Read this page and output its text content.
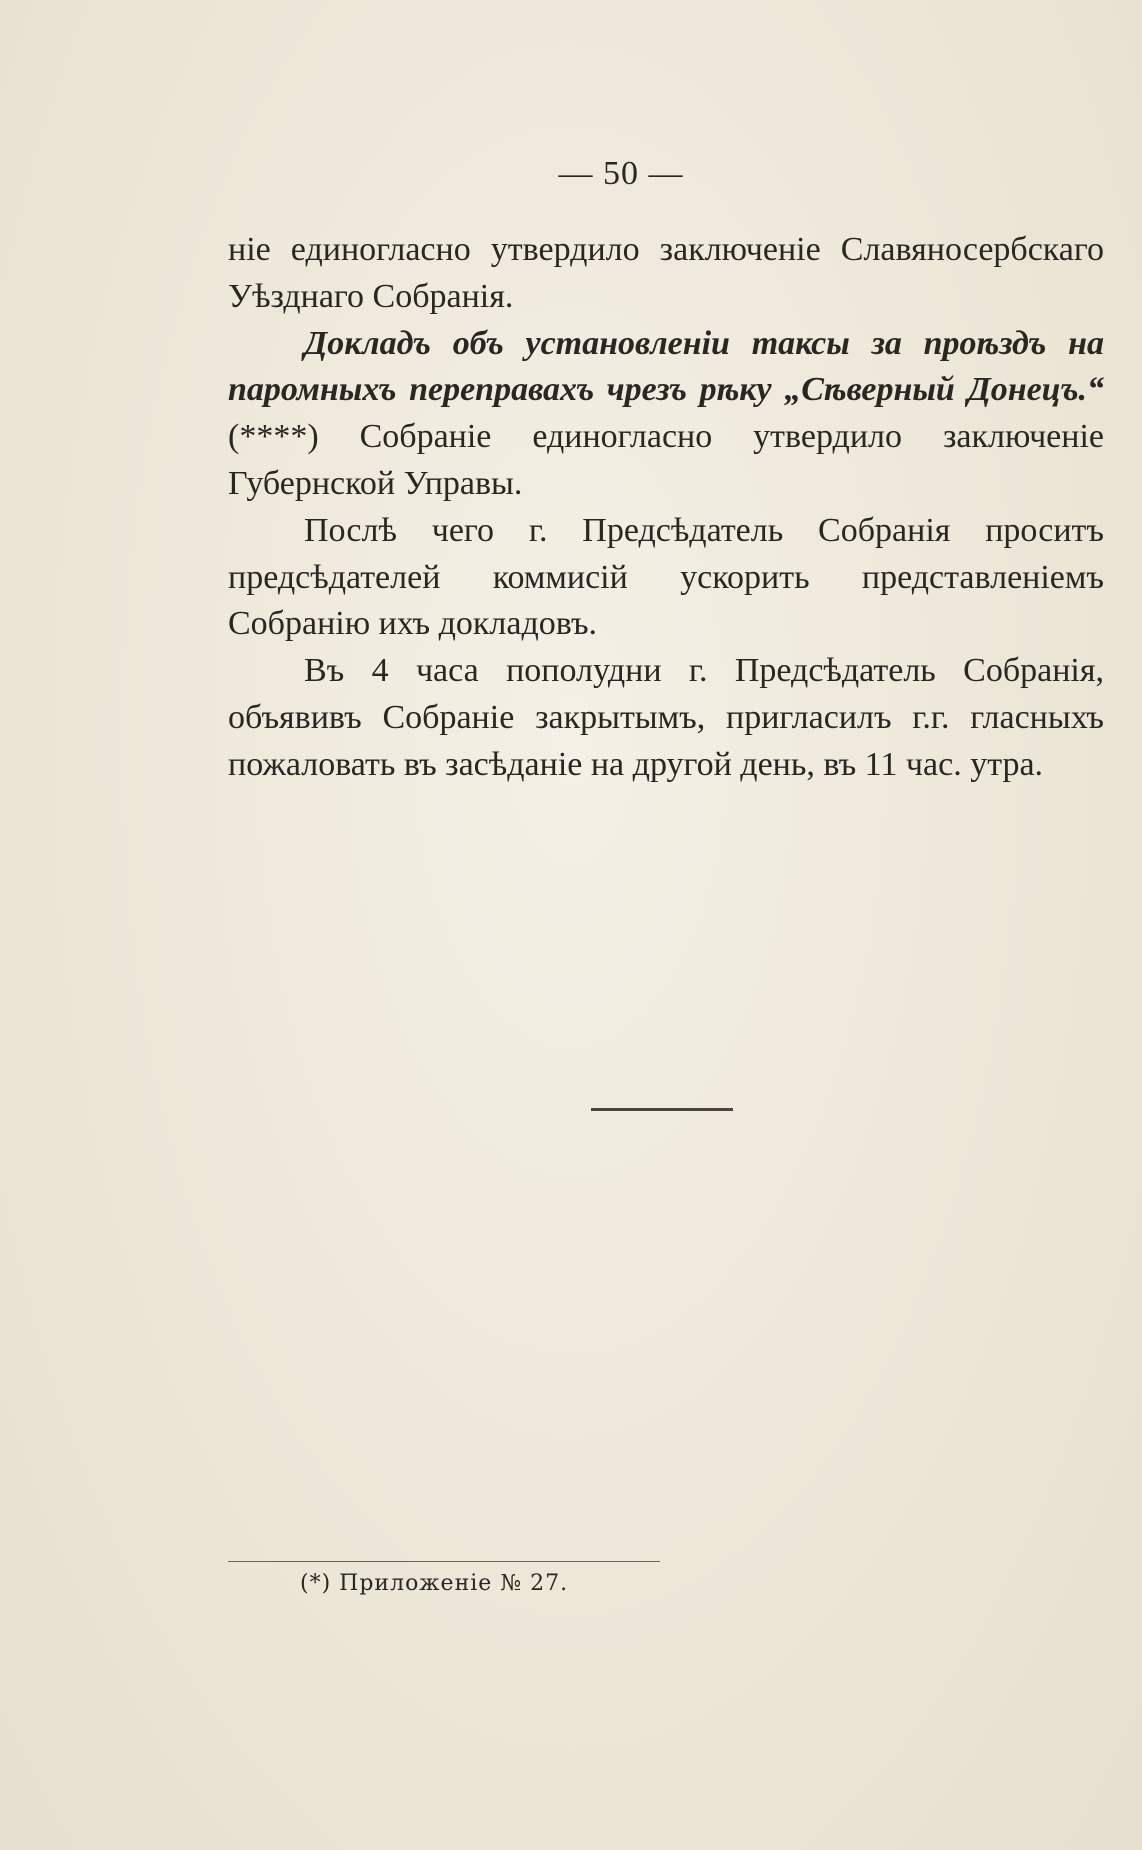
— 50 —

ніе единогласно утвердило заключеніе Славяносербскаго Уѣзднаго Собранія.

Докладъ объ установленіи таксы за проѣздъ на паромныхъ переправахъ чрезъ рѣку „Сѣверный Донецъ.“ (****) Собраніе единогласно утвердило заключеніе Губернской Управы.

Послѣ чего г. Предсѣдатель Собранія проситъ предсѣдателей коммисій ускорить представленіемъ Собранію ихъ докладовъ.

Въ 4 часа пополудни г. Предсѣдатель Собранія, объявивъ Собраніе закрытымъ, пригласилъ г.г. гласныхъ пожаловать въ засѣданіе на другой день, въ 11 час. утра.

(*) Приложеніе № 27.
